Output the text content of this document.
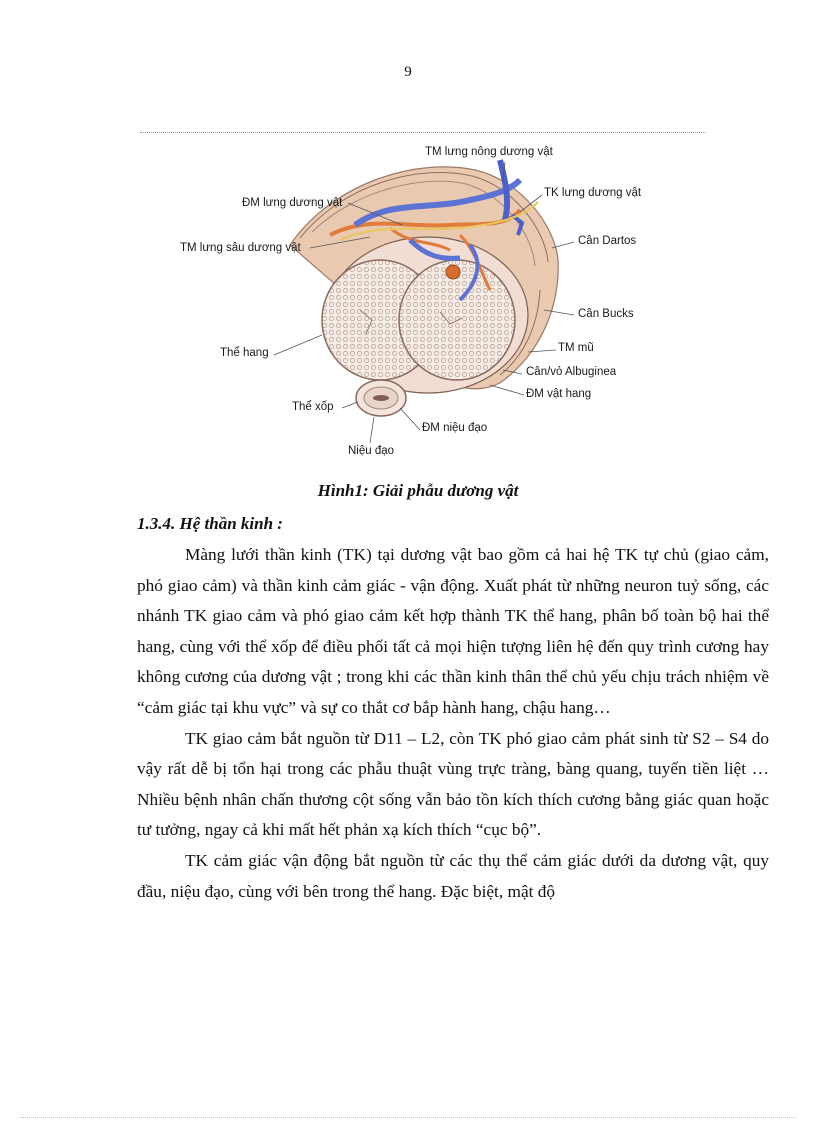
9
TM lưng nông dương vật
ĐM lưng dương vật
TK lưng dương vật
TM lưng sâu dương vật
Cân Dartos
Cân Bucks
Thể hang	TM mũ
Cân/vỏ Albuginea
ĐM vật hang
Thể xốp
ĐM niệu đạo
Niệu đạo
Hình1: Giải phẫu dương vật
1.3.4. Hệ thần kinh :

Màng lưới thần kinh (TK) tại dương vật bao gồm cả hai hệ TK tự chủ (giao cảm, phó giao cảm) và thần kinh cảm giác - vận động. Xuất phát từ những neuron tuỷ sống, các nhánh TK giao cảm và phó giao cảm kết hợp thành TK thể hang, phân bố toàn bộ hai thể hang, cùng với thể xốp để điều phối tất cả mọi hiện tượng liên hệ đến quy trình cương hay không cương của dương vật ; trong khi các thần kinh thân thể chủ yếu chịu trách nhiệm về “cảm giác tại khu vực” và sự co thắt cơ bắp hành hang, chậu hang…

TK giao cảm bắt nguồn từ D11 – L2, còn TK phó giao cảm phát sinh từ S2 – S4 do vậy rất dễ bị tổn hại trong các phẫu thuật vùng trực tràng, bàng quang, tuyến tiền liệt … Nhiều bệnh nhân chấn thương cột sống vẫn bảo tồn kích thích cương bằng giác quan hoặc tư tưởng, ngay cả khi mất hết phản xạ kích thích “cục bộ”.

TK cảm giác vận động bắt nguồn từ các thụ thể cảm giác dưới da dương vật, quy đầu, niệu đạo, cùng với bên trong thể hang. Đặc biệt, mật độ
